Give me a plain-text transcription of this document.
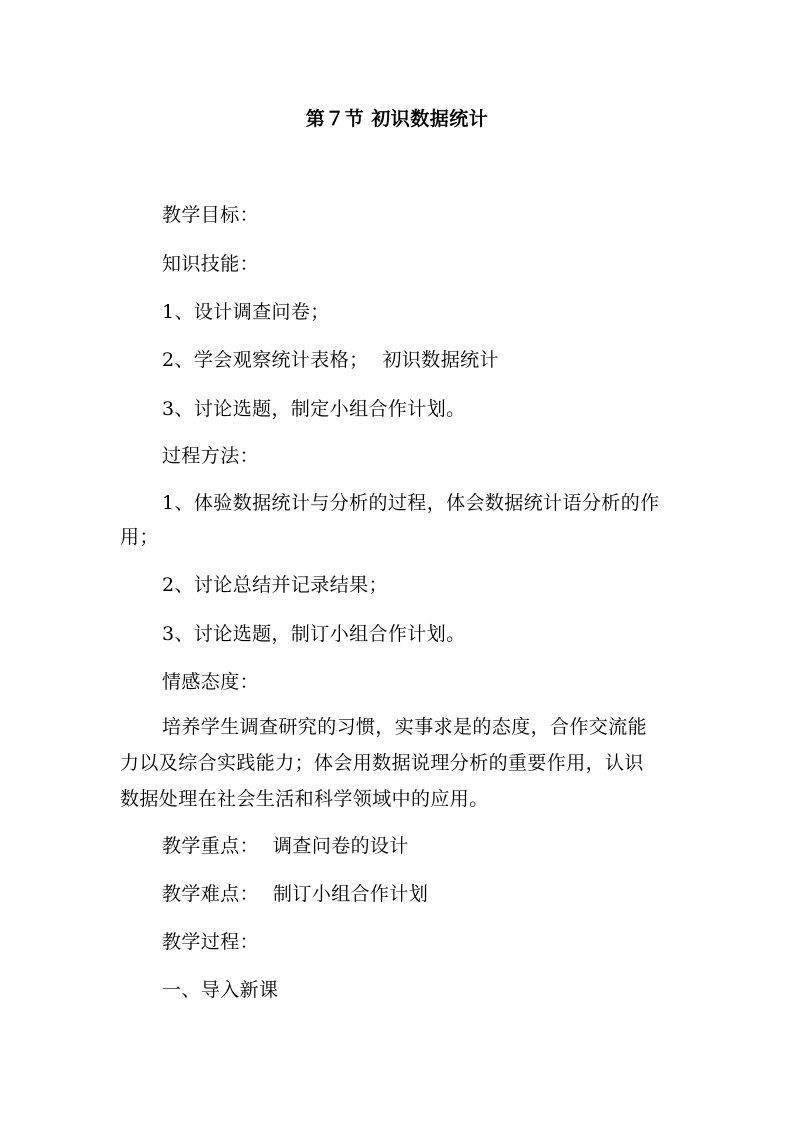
第７节 初识数据统计
教学目标：
知识技能：
1、设计调查问卷；
2、学会观察统计表格； 初识数据统计
3、讨论选题，制定小组合作计划。
过程方法：
1、体验数据统计与分析的过程，体会数据统计语分析的作
用；
2、讨论总结并记录结果；
3、讨论选题，制订小组合作计划。
情感态度：
培养学生调查研究的习惯，实事求是的态度，合作交流能
力以及综合实践能力；体会用数据说理分析的重要作用，认识
数据处理在社会生活和科学领域中的应用。
教学重点： 调查问卷的设计
教学难点： 制订小组合作计划
教学过程：
一、导入新课
